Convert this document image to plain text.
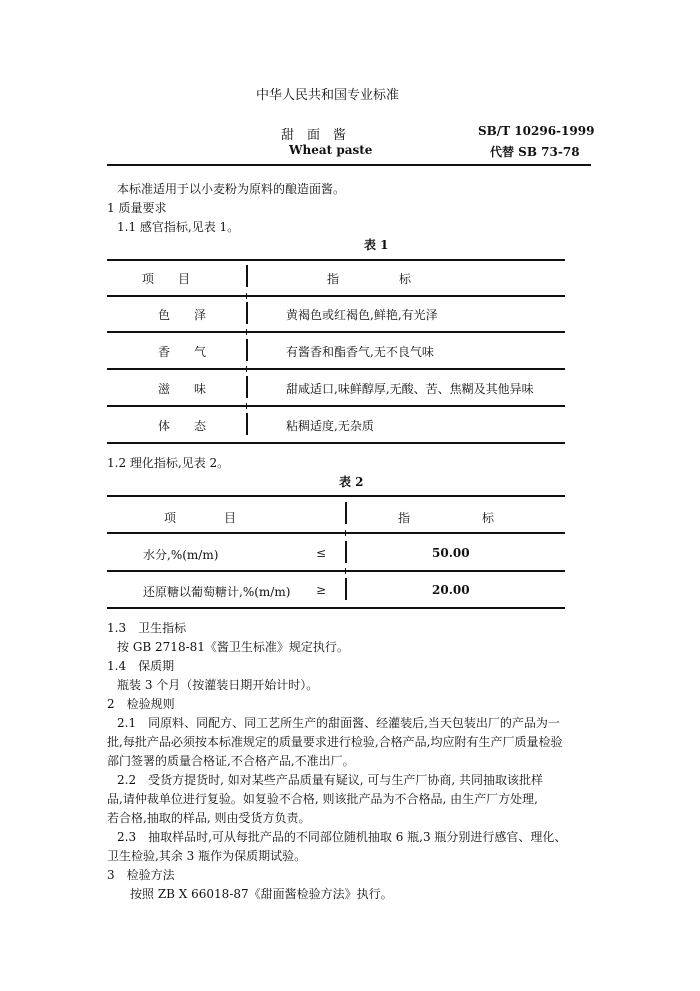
中华人民共和国专业标准
甜　面　酱
Wheat paste
SB/T 10296-1999
代替 SB 73-78
本标准适用于以小麦粉为原料的酿造面酱。
1 质量要求
1.1 感官指标,见表 1。
表 1
项　　目	指　　　　　标
色　　泽	黄褐色或红褐色,鲜艳,有光泽
香　　气	有酱香和酯香气,无不良气味
滋　　味	甜咸适口,味鲜醇厚,无酸、苦、焦糊及其他异味
体　　态	粘稠适度,无杂质
1.2 理化指标,见表 2。
表 2
项　　　　目	指　　　　　　标
水分,%(m/m)	≤	50.00
还原糖以葡萄糖计,%(m/m) ≥	20.00
1.3　卫生指标
按 GB 2718-81《酱卫生标准》规定执行。
1.4　保质期
瓶装 3 个月（按灌装日期开始计时）。
2　检验规则
2.1　同原料、同配方、同工艺所生产的甜面酱、经灌装后,当天包装出厂的产品为一
批,每批产品必须按本标准规定的质量要求进行检验,合格产品,均应附有生产厂质量检验
部门签署的质量合格证,不合格产品,不准出厂。
2.2　受货方提货时, 如对某些产品质量有疑议, 可与生产厂协商, 共同抽取该批样
品,请仲裁单位进行复验。如复验不合格, 则该批产品为不合格品, 由生产厂方处理,
若合格,抽取的样品, 则由受货方负责。
2.3　抽取样品时,可从每批产品的不同部位随机抽取 6 瓶,3 瓶分别进行感官、理化、
卫生检验,其余 3 瓶作为保质期试验。
3　检验方法
按照 ZB X 66018-87《甜面酱检验方法》执行。
